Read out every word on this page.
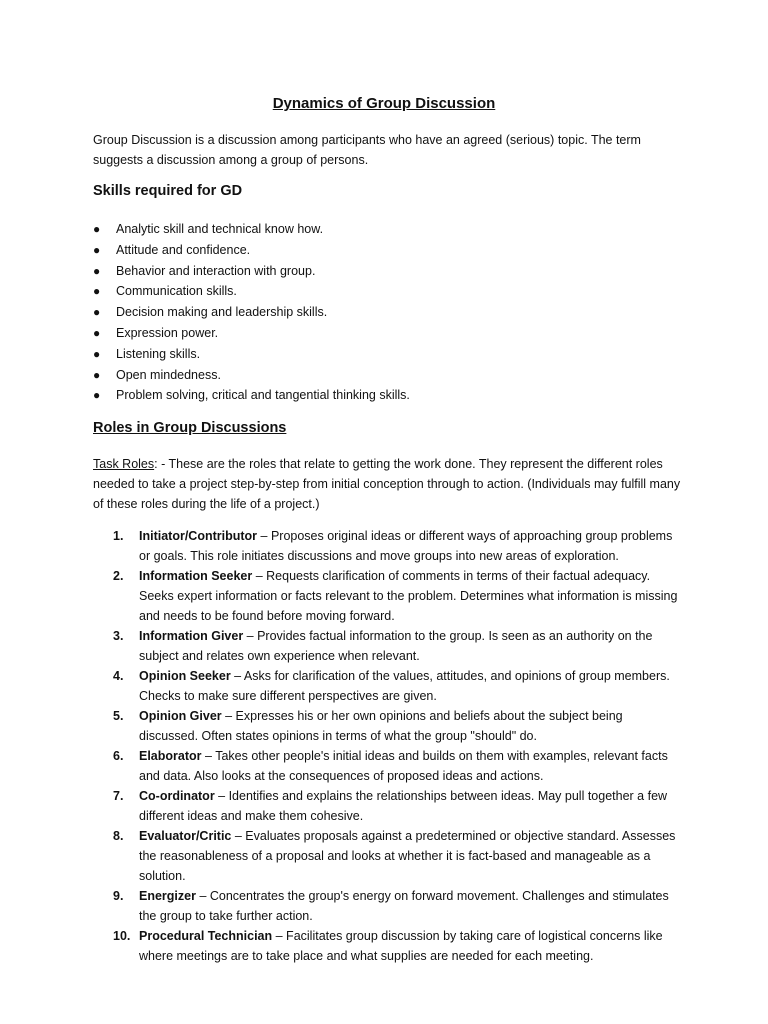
Dynamics of Group Discussion

Group Discussion is a discussion among participants who have an agreed (serious) topic. The term suggests a discussion among a group of persons.

Skills required for GD
● Analytic skill and technical know how.
● Attitude and confidence.
● Behavior and interaction with group.
● Communication skills.
● Decision making and leadership skills.
● Expression power.
● Listening skills.
● Open mindedness.
● Problem solving, critical and tangential thinking skills.
Roles in Group Discussions

Task Roles: - These are the roles that relate to getting the work done. They represent the different roles needed to take a project step-by-step from initial conception through to action. (Individuals may fulfill many of these roles during the life of a project.)

1. Initiator/Contributor – Proposes original ideas or different ways of approaching group problems or goals. This role initiates discussions and move groups into new areas of exploration.
2. Information Seeker – Requests clarification of comments in terms of their factual adequacy. Seeks expert information or facts relevant to the problem. Determines what information is missing and needs to be found before moving forward.
3. Information Giver – Provides factual information to the group. Is seen as an authority on the subject and relates own experience when relevant.
4. Opinion Seeker – Asks for clarification of the values, attitudes, and opinions of group members. Checks to make sure different perspectives are given.
5. Opinion Giver – Expresses his or her own opinions and beliefs about the subject being discussed. Often states opinions in terms of what the group "should" do.
6. Elaborator – Takes other people's initial ideas and builds on them with examples, relevant facts and data. Also looks at the consequences of proposed ideas and actions.
7. Co-ordinator – Identifies and explains the relationships between ideas. May pull together a few different ideas and make them cohesive.
8. Evaluator/Critic – Evaluates proposals against a predetermined or objective standard. Assesses the reasonableness of a proposal and looks at whether it is fact-based and manageable as a solution.
9. Energizer – Concentrates the group's energy on forward movement. Challenges and stimulates the group to take further action.
10. Procedural Technician – Facilitates group discussion by taking care of logistical concerns like where meetings are to take place and what supplies are needed for each meeting.
